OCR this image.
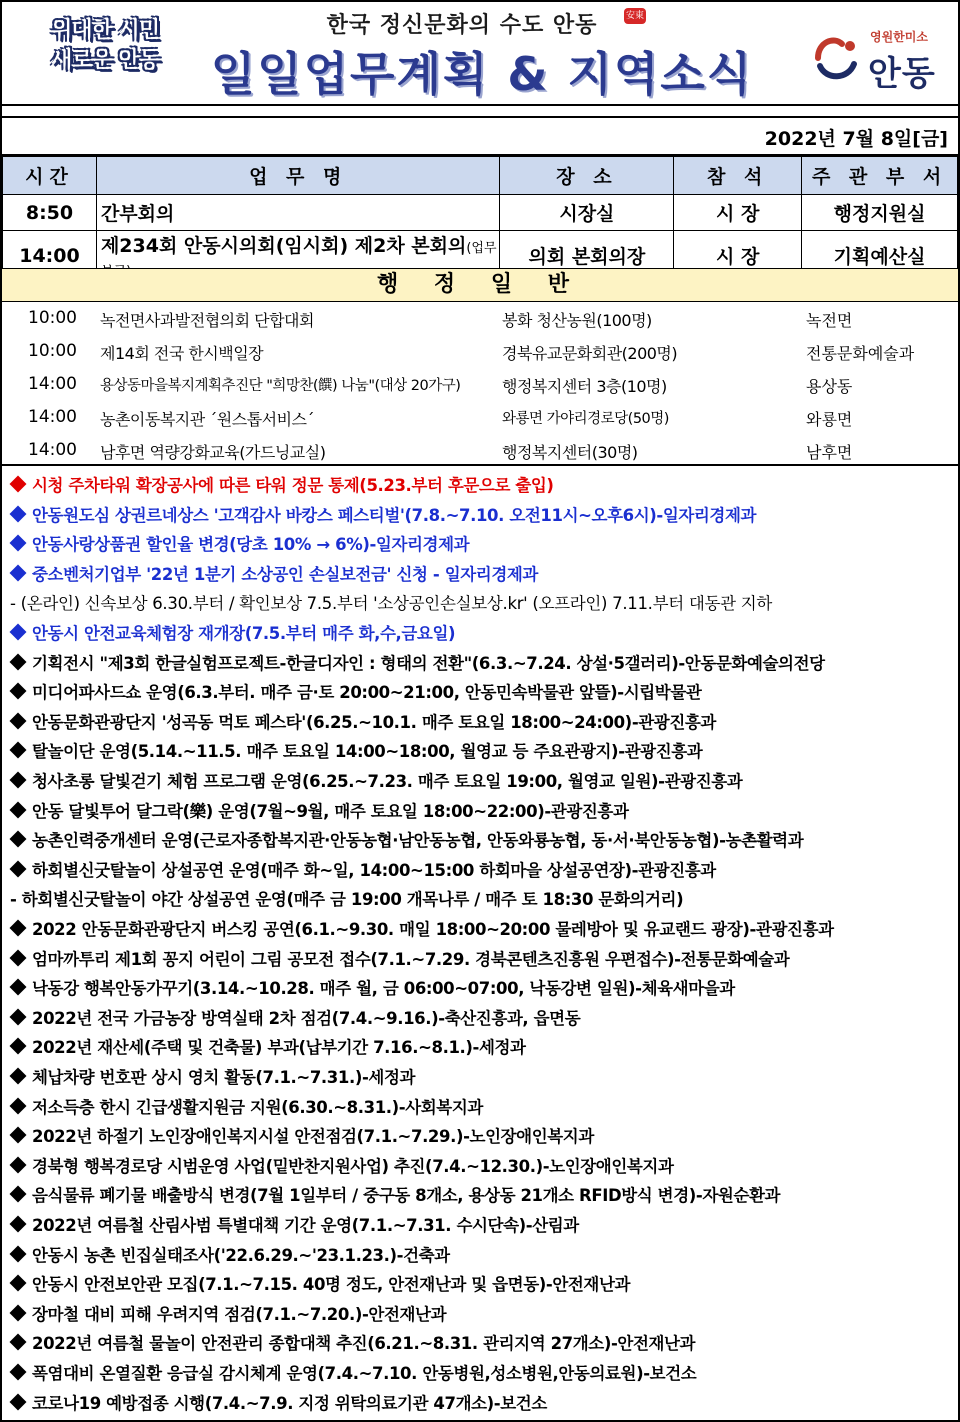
위대한 시민
새로운 안동
한국 정신문화의 수도 안동	安東
일일업무계획 & 지역소식
영원한미소
안동
2022년 7월 8일[금]
시간	업 무 명	장 소	참 석	주 관 부 서
8:50	간부회의	시장실	시 장	행정지원실
14:00	제234회 안동시의회(임시회) 제2차 본회의(업무	의회 본회의장	시 장	기획예산실
행 정 일 반
10:00 녹전면사과발전협의회 단합대회	봉화 청산농원(100명)	녹전면
10:00 제14회 전국 한시백일장	경북유교문화회관(200명)	전통문화예술과
14:00 용상동마을복지계획추진단 "희망찬(饌) 나눔"(대상 20가구)	행정복지센터 3층(10명)	용상동
14:00 농촌이동복지관 ´원스톱서비스´	와룡면 가야리경로당(50명)	와룡면
14:00 남후면 역량강화교육(가드닝교실)	행정복지센터(30명)	남후면
시청 주차타워 확장공사에 따른 타워 정문 통제(5.23.부터 후문으로 출입)
안동원도심 상권르네상스 '고객감사 바캉스 페스티벌'(7.8.~7.10. 오전11시~오후6시)-일자리경제과
안동사랑상품권 할인율 변경(당초 10% → 6%)-일자리경제과
중소벤처기업부 '22년 1분기 소상공인 손실보전금' 신청 - 일자리경제과
- (온라인) 신속보상 6.30.부터 / 확인보상 7.5.부터 '소상공인손실보상.kr' (오프라인) 7.11.부터 대동관 지하
안동시 안전교육체험장 재개장(7.5.부터 매주 화,수,금요일)
기획전시 "제3회 한글실험프로젝트-한글디자인 : 형태의 전환"(6.3.~7.24. 상설·5갤러리)-안동문화예술의전당
미디어파사드쇼 운영(6.3.부터. 매주 금·토 20:00~21:00, 안동민속박물관 앞뜰)-시립박물관
안동문화관광단지 '성곡동 먹토 페스타'(6.25.~10.1. 매주 토요일 18:00~24:00)-관광진흥과
탈놀이단 운영(5.14.~11.5. 매주 토요일 14:00~18:00, 월영교 등 주요관광지)-관광진흥과
청사초롱 달빛걷기 체험 프로그램 운영(6.25.~7.23. 매주 토요일 19:00, 월영교 일원)-관광진흥과
안동 달빛투어 달그락(樂) 운영(7월~9월, 매주 토요일 18:00~22:00)-관광진흥과
농촌인력중개센터 운영(근로자종합복지관·안동농협·남안동농협, 안동와룡농협, 동·서·북안동농협)-농촌활력과
하회별신굿탈놀이 상설공연 운영(매주 화~일, 14:00~15:00 하회마을 상설공연장)-관광진흥과
- 하회별신굿탈놀이 야간 상설공연 운영(매주 금 19:00 개목나루 / 매주 토 18:30 문화의거리)
2022 안동문화관광단지 버스킹 공연(6.1.~9.30. 매일 18:00~20:00 물레방아 및 유교랜드 광장)-관광진흥과
엄마까투리 제1회 꽁지 어린이 그림 공모전 접수(7.1.~7.29. 경북콘텐츠진흥원 우편접수)-전통문화예술과
낙동강 행복안동가꾸기(3.14.~10.28. 매주 월, 금 06:00~07:00, 낙동강변 일원)-체육새마을과
2022년 전국 가금농장 방역실태 2차 점검(7.4.~9.16.)-축산진흥과, 읍면동
2022년 재산세(주택 및 건축물) 부과(납부기간 7.16.~8.1.)-세정과
체납차량 번호판 상시 영치 활동(7.1.~7.31.)-세정과
저소득층 한시 긴급생활지원금 지원(6.30.~8.31.)-사회복지과
2022년 하절기 노인장애인복지시설 안전점검(7.1.~7.29.)-노인장애인복지과
경북형 행복경로당 시범운영 사업(밑반찬지원사업) 추진(7.4.~12.30.)-노인장애인복지과
음식물류 폐기물 배출방식 변경(7월 1일부터 / 중구동 8개소, 용상동 21개소 RFID방식 변경)-자원순환과
2022년 여름철 산림사범 특별대책 기간 운영(7.1.~7.31. 수시단속)-산림과
안동시 농촌 빈집실태조사('22.6.29.~'23.1.23.)-건축과
안동시 안전보안관 모집(7.1.~7.15. 40명 정도, 안전재난과 및 읍면동)-안전재난과
장마철 대비 피해 우려지역 점검(7.1.~7.20.)-안전재난과
2022년 여름철 물놀이 안전관리 종합대책 추진(6.21.~8.31. 관리지역 27개소)-안전재난과
폭염대비 온열질환 응급실 감시체계 운영(7.4.~7.10. 안동병원,성소병원,안동의료원)-보건소
코로나19 예방접종 시행(7.4.~7.9. 지정 위탁의료기관 47개소)-보건소
